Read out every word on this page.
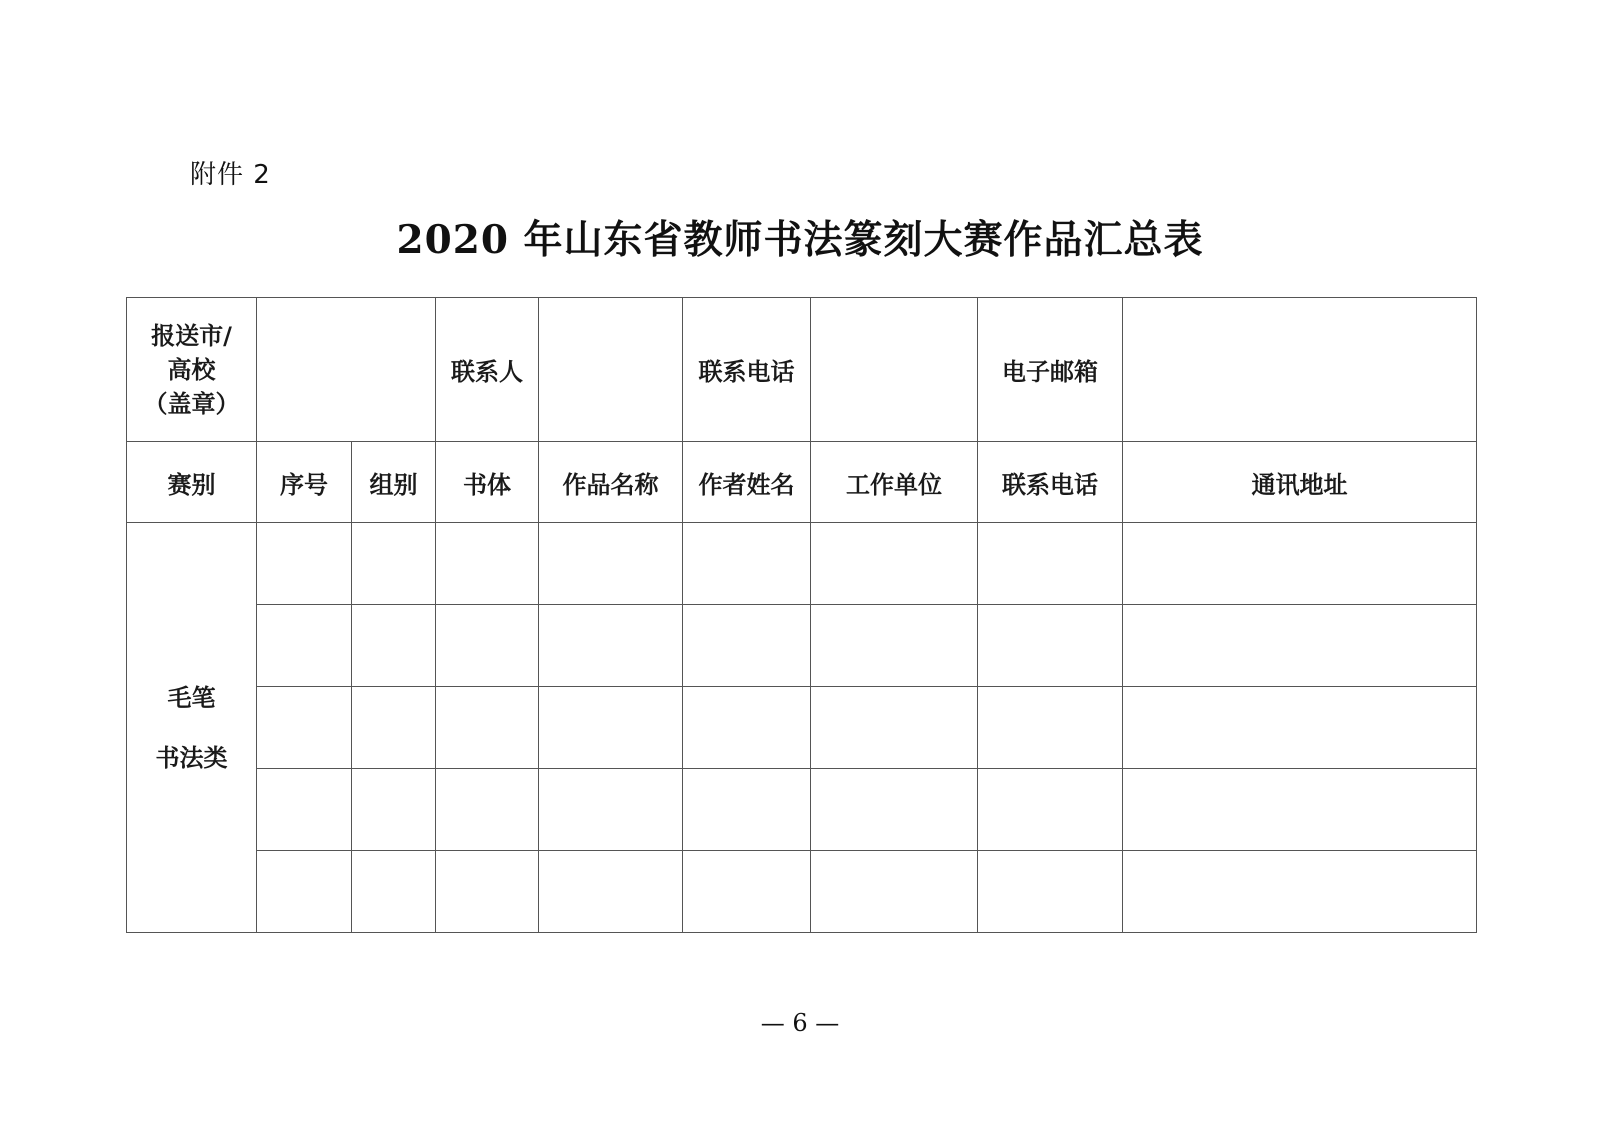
附件 2
2020 年山东省教师书法篆刻大赛作品汇总表
报送市/
高校
（盖章）			联系人		联系电话		电子邮箱	
赛别	序号	组别	书体	作品名称	作者姓名	工作单位	联系电话	通讯地址

毛笔
书法类								

— 6 —
